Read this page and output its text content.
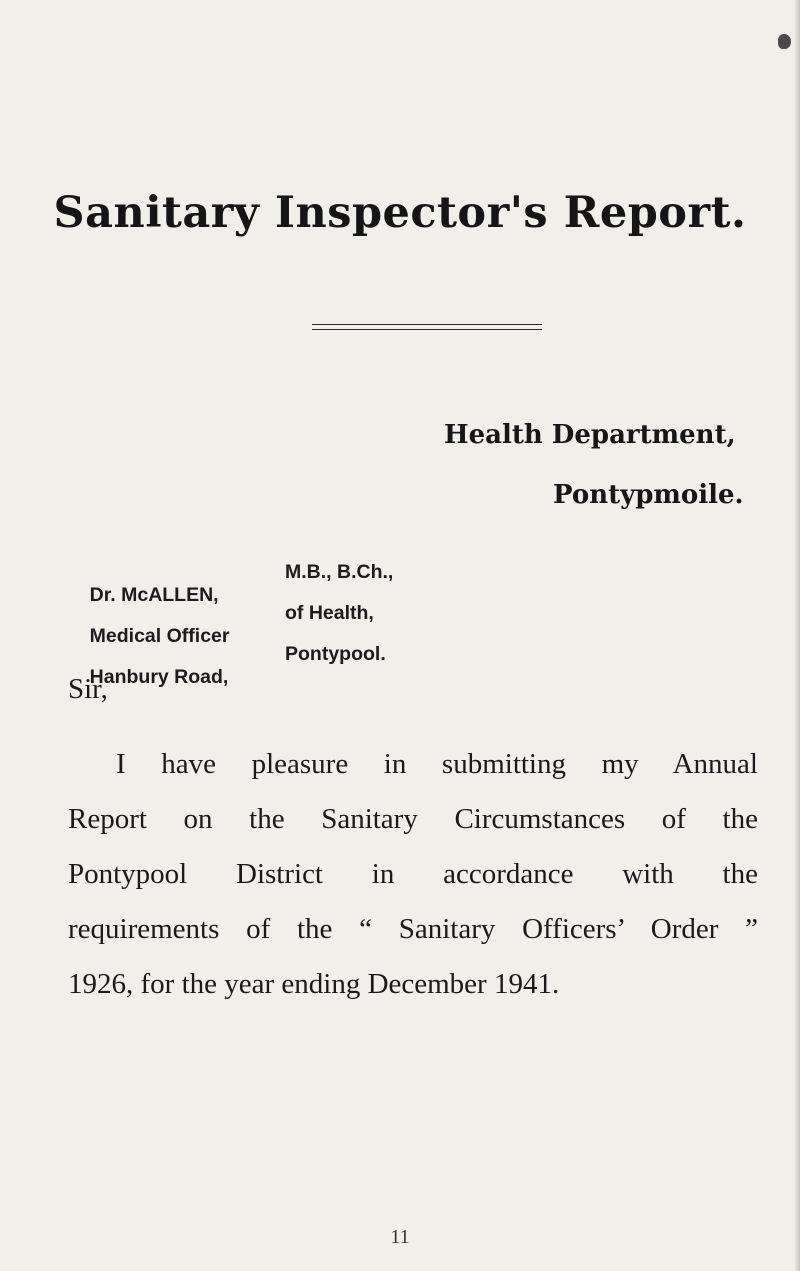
Sanitary Inspector's Report.
Health Department,
Pontypmoile.

Dr. McALLEN,

M.B., B.Ch.,

Medical Officer

of Health,

Hanbury Road,

Pontypool.

Sir,

I have pleasure in submitting my Annual
Report on the Sanitary Circumstances of the
Pontypool District in accordance with the
requirements of the “ Sanitary Officers’ Order ”
1926, for the year ending December 1941.

11
